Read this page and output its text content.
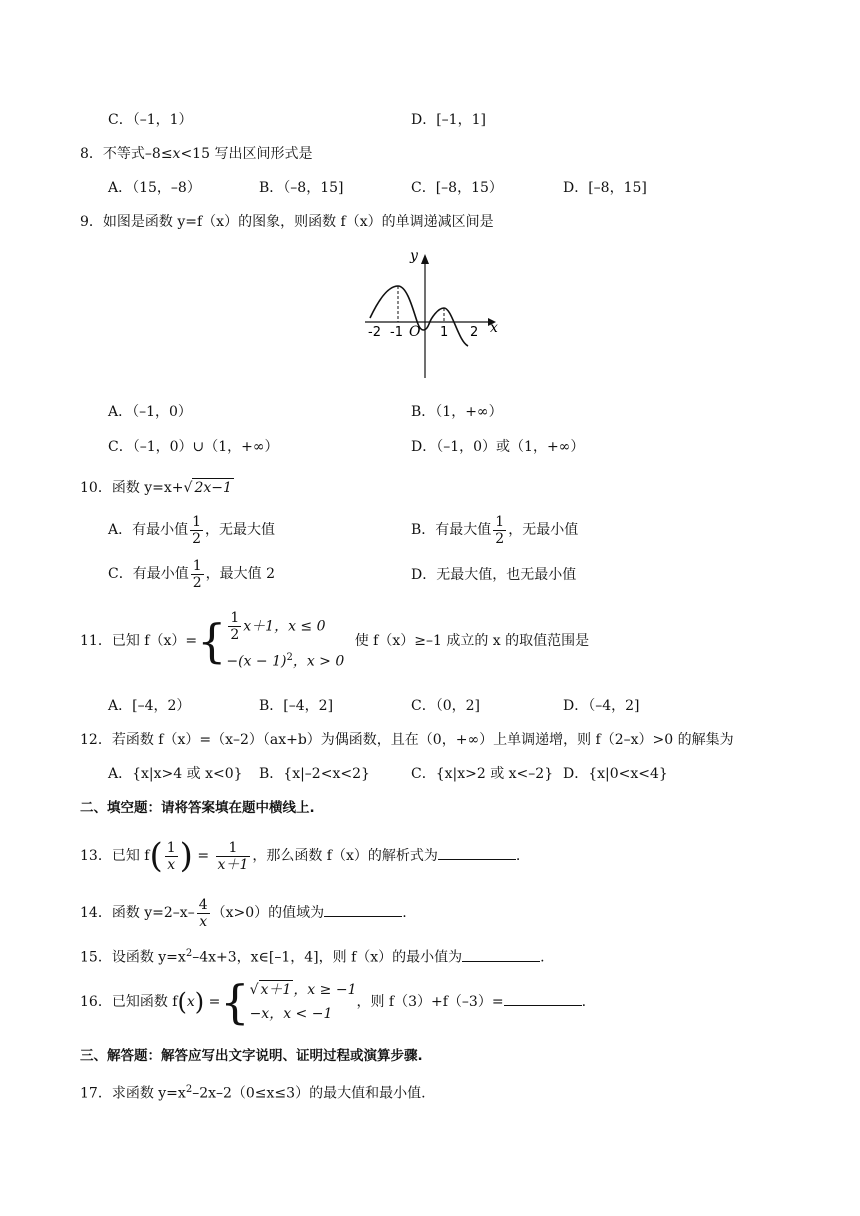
C．（–1，1）	D．[–1，1]
8．不等式–8≤x<15 写出区间形式是
A．（15，–8）	B．（–8，15]	C．[–8，15）	D．[–8，15]
9．如图是函数 y=f（x）的图象，则函数 f（x）的单调递减区间是
y
x
-2 -1 O 1 2
A．（–1，0）	B．（1，+∞）
C．（–1，0）∪（1，+∞）	D．（–1，0）或（1，+∞）
10．函数 y=x+√ 2x−1
A．有最小值 $\frac{1}{2}$ ，无最大值	B．有最大值 $\frac{1}{2}$ ，无最小值
C．有最小值 $\frac{1}{2}$ ，最大值 2	D．无最大值，也无最小值
11．已知 $f(x)=\{ \frac{1}{2} x+1$，x ≤ 0
$-(x - 1)^2$，x > 0
使 f（x）≥–1 成立的 x 的取值范围是
A．[–4，2）	B．[–4，2]	C．（0，2]	D．（–4，2]
12．若函数 f（x）=（x–2）（ax+b）为偶函数，且在（0，+∞）上单调递增，则 f（2–x）>0 的解集为
A．{x|x>4 或 x<0} B．{x|–2<x<2}	C．{x|x>2 或 x<–2} D．{x|0<x<4}
二、填空题：请将答案填在题中横线上.
13．已知 $f( \frac{1}{x}$ ) = $\frac{1}{x+1}$ ，那么函数 f（x）的解析式为	.
14．函数 $y=2-x- \frac{4}{x} (x>0)$的值域为	.
15．设函数 $y=x^2-4x+3$，x∈[–1，4]，则 f（x）的最小值为	.
16．已知函数 f(x) ={ √ x＋1 ，x ≥ −1
−x，x < −1
，则 f（3）+f（–3）=	.
三、解答题：解答应写出文字说明、证明过程或演算步骤.
17．求函数 $y=x^2-2x-2(0\le x\le 3)$的最大值和最小值.
